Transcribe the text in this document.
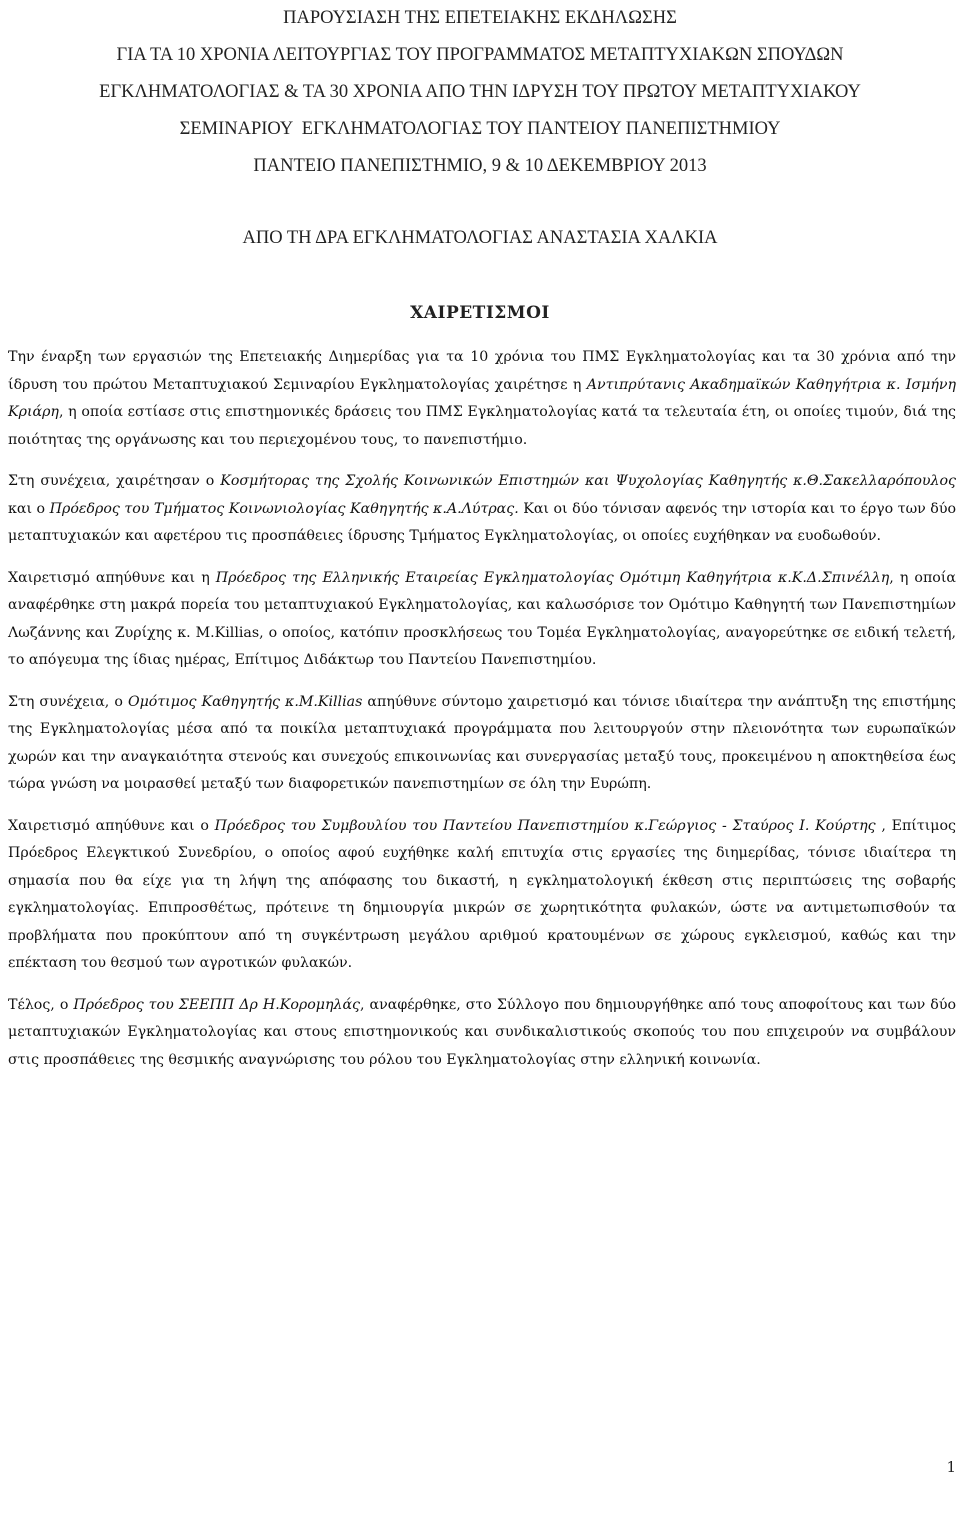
ΠΑΡΟΥΣΙΑΣΗ ΤΗΣ ΕΠΕΤΕΙΑΚΗΣ ΕΚΔΗΛΩΣΗΣ

ΓΙΑ ΤΑ 10 ΧΡΟΝΙΑ ΛΕΙΤΟΥΡΓΙΑΣ ΤΟΥ ΠΡΟΓΡΑΜΜΑΤΟΣ ΜΕΤΑΠΤΥΧΙΑΚΩΝ ΣΠΟΥΔΩΝ

ΕΓΚΛΗΜΑΤΟΛΟΓΙΑΣ & ΤΑ 30 ΧΡΟΝΙΑ ΑΠΟ ΤΗΝ ΙΔΡΥΣΗ ΤΟΥ ΠΡΩΤΟΥ ΜΕΤΑΠΤΥΧΙΑΚΟΥ

ΣΕΜΙΝΑΡΙΟΥ  ΕΓΚΛΗΜΑΤΟΛΟΓΙΑΣ ΤΟΥ ΠΑΝΤΕΙΟΥ ΠΑΝΕΠΙΣΤΗΜΙΟΥ

ΠΑΝΤΕΙΟ ΠΑΝΕΠΙΣΤΗΜΙΟ, 9 & 10 ΔΕΚΕΜΒΡΙΟΥ 2013

ΑΠΟ ΤΗ ΔΡΑ ΕΓΚΛΗΜΑΤΟΛΟΓΙΑΣ ΑΝΑΣΤΑΣΙΑ ΧΑΛΚΙΑ
ΧΑΙΡΕΤΙΣΜΟΙ

Την έναρξη των εργασιών της Επετειακής Διημερίδας για τα 10 χρόνια του ΠΜΣ Εγκληματολογίας και τα 30 χρόνια από την ίδρυση του πρώτου Μεταπτυχιακού Σεμιναρίου Εγκληματολογίας χαιρέτησε η Αντιπρύτανις Ακαδημαϊκών Καθηγήτρια κ. Ισμήνη Κριάρη, η οποία εστίασε στις επιστημονικές δράσεις του ΠΜΣ Εγκληματολογίας κατά τα τελευταία έτη, οι οποίες τιμούν, διά της ποιότητας της οργάνωσης και του περιεχομένου τους, το πανεπιστήμιο.

Στη συνέχεια, χαιρέτησαν ο Κοσμήτορας της Σχολής Κοινωνικών Επιστημών και Ψυχολογίας Καθηγητής κ.Θ.Σακελλαρόπουλος και ο Πρόεδρος του Τμήματος Κοινωνιολογίας Καθηγητής κ.Α.Λύτρας. Και οι δύο τόνισαν αφενός την ιστορία και το έργο των δύο μεταπτυχιακών και αφετέρου τις προσπάθειες ίδρυσης Τμήματος Εγκληματολογίας, οι οποίες ευχήθηκαν να ευοδωθούν.

Χαιρετισμό απηύθυνε και η Πρόεδρος της Ελληνικής Εταιρείας Εγκληματολογίας Ομότιμη Καθηγήτρια κ.Κ.Δ.Σπινέλλη, η οποία αναφέρθηκε στη μακρά πορεία του μεταπτυχιακού Εγκληματολογίας, και καλωσόρισε τον Ομότιμο Καθηγητή των Πανεπιστημίων Λωζάννης και Ζυρίχης κ. M.Killias, ο οποίος, κατόπιν προσκλήσεως του Τομέα Εγκληματολογίας, αναγορεύτηκε σε ειδική τελετή, το απόγευμα της ίδιας ημέρας, Επίτιμος Διδάκτωρ του Παντείου Πανεπιστημίου.

Στη συνέχεια, ο Ομότιμος Καθηγητής κ.Μ.Killias απηύθυνε σύντομο χαιρετισμό και τόνισε ιδιαίτερα την ανάπτυξη της επιστήμης της Εγκληματολογίας μέσα από τα ποικίλα μεταπτυχιακά προγράμματα που λειτουργούν στην πλειονότητα των ευρωπαϊκών χωρών και την αναγκαιότητα στενούς και συνεχούς επικοινωνίας και συνεργασίας μεταξύ τους, προκειμένου η αποκτηθείσα έως τώρα γνώση να μοιρασθεί μεταξύ των διαφορετικών πανεπιστημίων σε όλη την Ευρώπη.

Χαιρετισμό απηύθυνε και ο Πρόεδρος του Συμβουλίου του Παντείου Πανεπιστημίου κ.Γεώργιος - Σταύρος Ι. Κούρτης , Επίτιμος Πρόεδρος Ελεγκτικού Συνεδρίου, ο οποίος αφού ευχήθηκε καλή επιτυχία στις εργασίες της διημερίδας, τόνισε ιδιαίτερα τη σημασία που θα είχε για τη λήψη της απόφασης του δικαστή, η εγκληματολογική έκθεση στις περιπτώσεις της σοβαρής εγκληματολογίας. Επιπροσθέτως, πρότεινε τη δημιουργία μικρών σε χωρητικότητα φυλακών, ώστε να αντιμετωπισθούν τα προβλήματα που προκύπτουν από τη συγκέντρωση μεγάλου αριθμού κρατουμένων σε χώρους εγκλεισμού, καθώς και την επέκταση του θεσμού των αγροτικών φυλακών.

Τέλος, ο Πρόεδρος του ΣΕΕΠΠ Δρ Η.Κορομηλάς, αναφέρθηκε, στο Σύλλογο που δημιουργήθηκε από τους αποφοίτους και των δύο μεταπτυχιακών Εγκληματολογίας και στους επιστημονικούς και συνδικαλιστικούς σκοπούς του που επιχειρούν να συμβάλουν στις προσπάθειες της θεσμικής αναγνώρισης του ρόλου του Εγκληματολογίας στην ελληνική κοινωνία.

1
